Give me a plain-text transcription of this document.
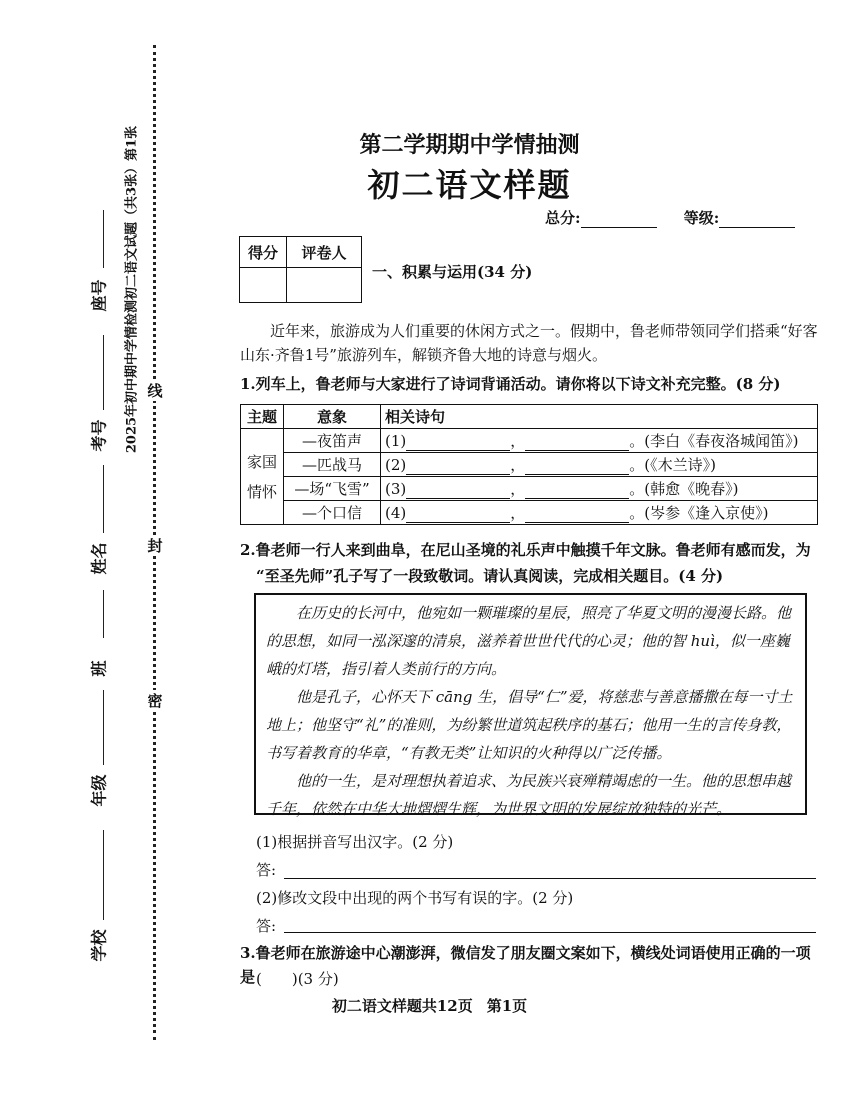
线
封
密
2025年初中期中学情检测初二语文试题（共3张）第1张
座号
考号
姓名
班
年级
学校
第二学期期中学情抽测
初二语文样题
总分:	等级:
得分	评卷人

一、积累与运用(34 分)
近年来，旅游成为人们重要的休闲方式之一。假期中，鲁老师带领同学们搭乘“好客山东·齐鲁1号”旅游列车，解锁齐鲁大地的诗意与烟火。
1.列车上，鲁老师与大家进行了诗词背诵活动。请你将以下诗文补充完整。(8 分)
主题	意象	相关诗句

家国
情怀	—夜笛声	(1) ， 。(李白《春夜洛城闻笛》)
	—匹战马	(2) ， 。(《木兰诗》)
	—场“飞雪”	(3) ， 。(韩愈《晚春》)
	—个口信	(4) ， 。(岑参《逢入京使》)
2.鲁老师一行人来到曲阜，在尼山圣境的礼乐声中触摸千年文脉。鲁老师有感而发，为
“至圣先师”孔子写了一段致敬词。请认真阅读，完成相关题目。(4 分)

在历史的长河中，他宛如一颗璀璨的星辰，照亮了华夏文明的漫漫长路。他的思想，如同一泓深邃的清泉，滋养着世世代代的心灵；他的智 huì，似一座巍峨的灯塔，指引着人类前行的方向。

他是孔子，心怀天下 cāng 生，倡导“仁”爱，将慈悲与善意播撒在每一寸土地上；他坚守“礼”的准则，为纷繁世道筑起秩序的基石；他用一生的言传身教，书写着教育的华章，“有教无类”让知识的火种得以广泛传播。

他的一生，是对理想执着追求、为民族兴衰殚精竭虑的一生。他的思想串越千年，依然在中华大地熠熠生辉，为世界文明的发展绽放独特的光芒。

(1)根据拼音写出汉字。(2 分)
答:
(2)修改文段中出现的两个书写有误的字。(2 分)
答:
3.鲁老师在旅游途中心潮澎湃，微信发了朋友圈文案如下，横线处词语使用正确的一项是 (　　)(3 分)
初二语文样题共12页 第1页
